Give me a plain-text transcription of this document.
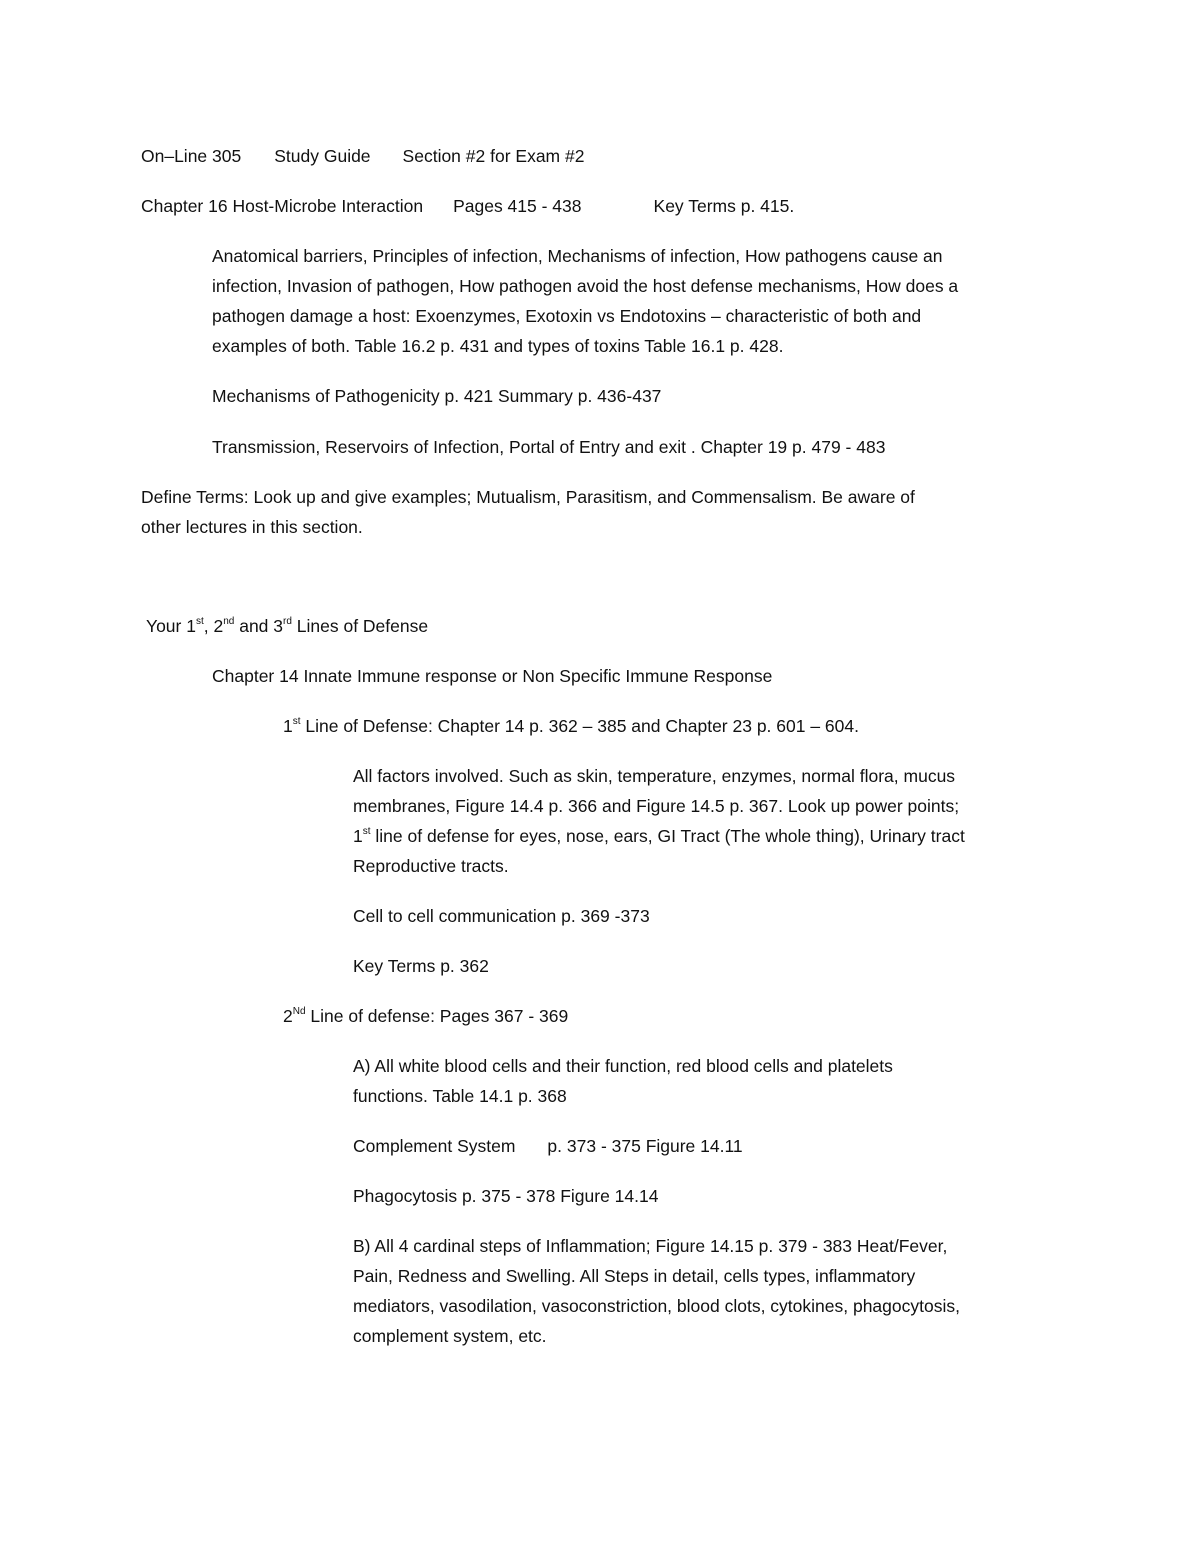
On–Line 305 Study Guide Section #2 for Exam #2
Chapter 16 Host-Microbe Interaction Pages 415 - 438	Key Terms p. 415.
Anatomical barriers, Principles of infection, Mechanisms of infection, How pathogens cause an
infection, Invasion of pathogen, How pathogen avoid the host defense mechanisms, How does a
pathogen damage a host: Exoenzymes, Exotoxin vs Endotoxins – characteristic of both and
examples of both. Table 16.2 p. 431 and types of toxins Table 16.1 p. 428.
Mechanisms of Pathogenicity p. 421 Summary p. 436-437
Transmission, Reservoirs of Infection, Portal of Entry and exit . Chapter 19 p. 479 - 483
Define Terms: Look up and give examples; Mutualism, Parasitism, and Commensalism. Be aware of
other lectures in this section.
Your 1st, 2nd and 3rd Lines of Defense
Chapter 14 Innate Immune response or Non Specific Immune Response
1st Line of Defense: Chapter 14 p. 362 – 385 and Chapter 23 p. 601 – 604.
All factors involved. Such as skin, temperature, enzymes, normal flora, mucus
membranes, Figure 14.4 p. 366 and Figure 14.5 p. 367. Look up power points;
1st line of defense for eyes, nose, ears, GI Tract (The whole thing), Urinary tract
Reproductive tracts.
Cell to cell communication p. 369 -373
Key Terms p. 362
2Nd Line of defense: Pages 367 - 369
A) All white blood cells and their function, red blood cells and platelets
functions. Table 14.1 p. 368
Complement System p. 373 - 375 Figure 14.11
Phagocytosis p. 375 - 378 Figure 14.14
B) All 4 cardinal steps of Inflammation; Figure 14.15 p. 379 - 383 Heat/Fever,
Pain, Redness and Swelling. All Steps in detail, cells types, inflammatory
mediators, vasodilation, vasoconstriction, blood clots, cytokines, phagocytosis,
complement system, etc.
